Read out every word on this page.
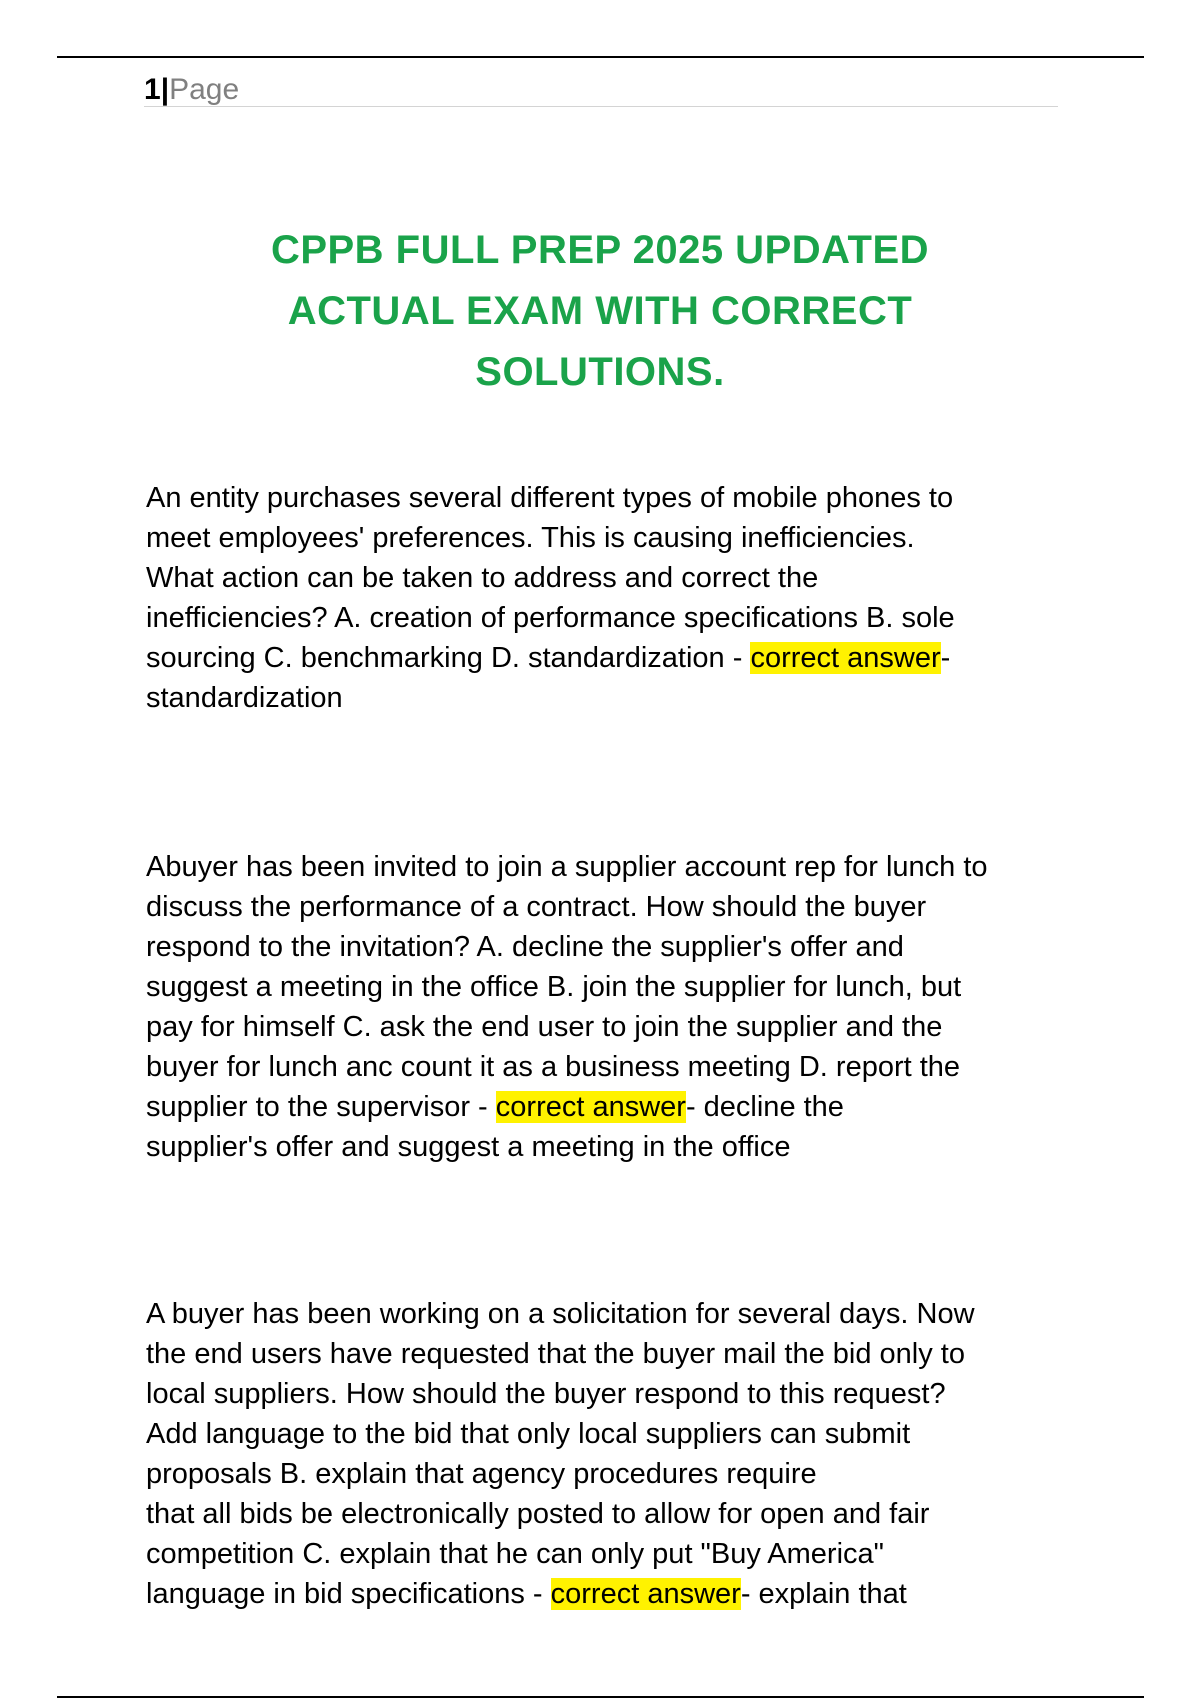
1|Page
CPPB FULL PREP 2025 UPDATED
ACTUAL EXAM WITH CORRECT
SOLUTIONS.
An entity purchases several different types of mobile phones to
meet employees' preferences. This is causing inefficiencies.
What action can be taken to address and correct the
inefficiencies? A. creation of performance specifications B. sole
sourcing C. benchmarking D. standardization - correct answer-
standardization
Abuyer has been invited to join a supplier account rep for lunch to
discuss the performance of a contract. How should the buyer
respond to the invitation? A. decline the supplier's offer and
suggest a meeting in the office B. join the supplier for lunch, but
pay for himself C. ask the end user to join the supplier and the
buyer for lunch anc count it as a business meeting D. report the
supplier to the supervisor - correct answer- decline the
supplier's offer and suggest a meeting in the office
A buyer has been working on a solicitation for several days. Now
the end users have requested that the buyer mail the bid only to
local suppliers. How should the buyer respond to this request?
Add language to the bid that only local suppliers can submit
proposals B. explain that agency procedures require
that all bids be electronically posted to allow for open and fair
competition C. explain that he can only put "Buy America"
language in bid specifications - correct answer- explain that
